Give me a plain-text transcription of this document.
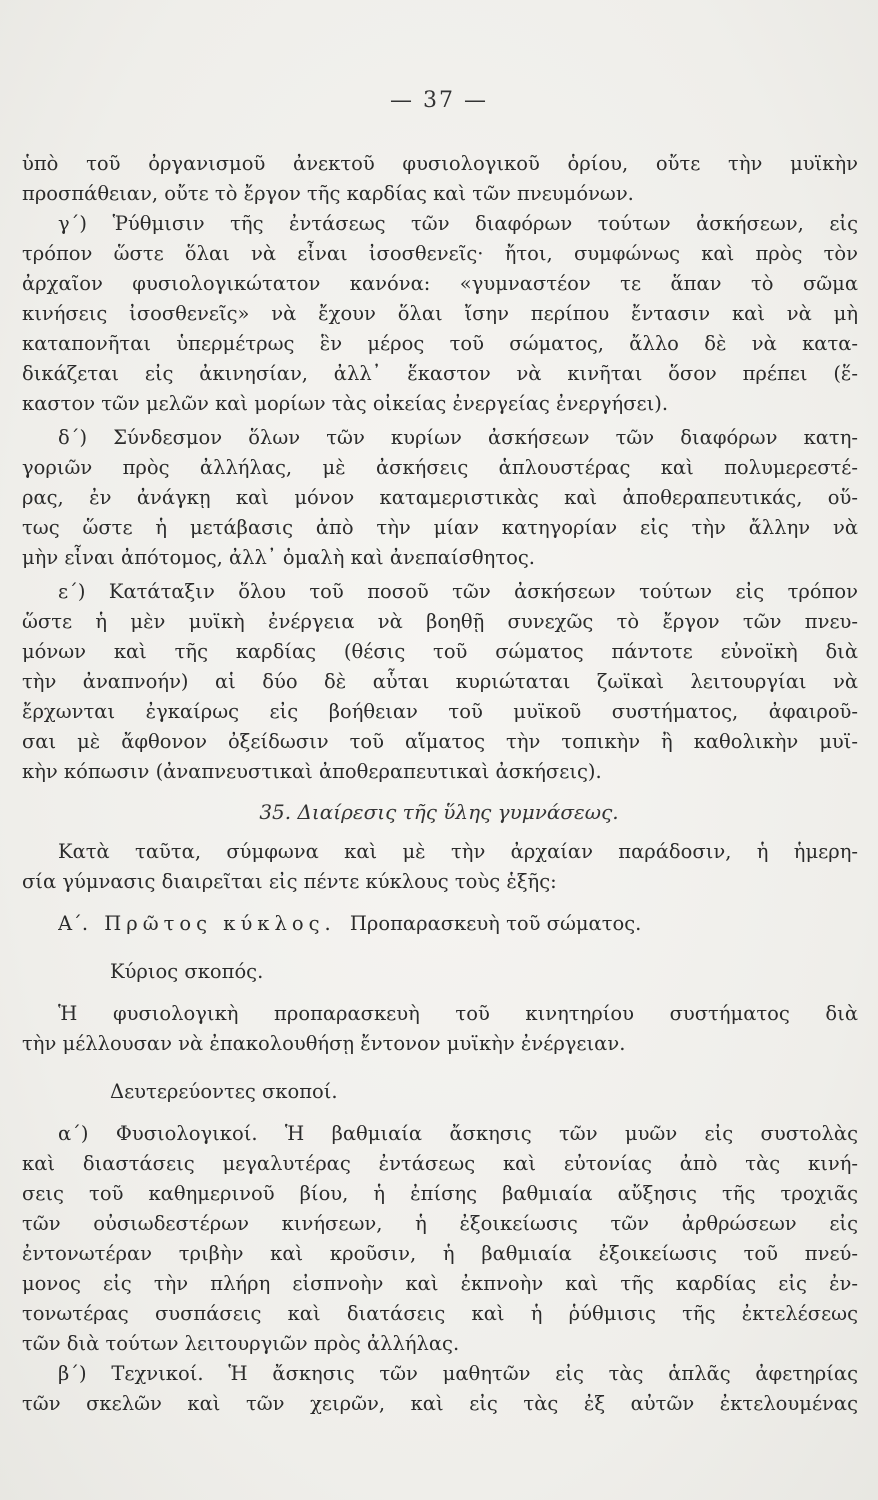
— 37 —
ὑπὸ τοῦ ὀργανισμοῦ ἀνεκτοῦ φυσιολογικοῦ ὁρίου, οὔτε τὴν μυϊκὴν
προσπάθειαν, οὔτε τὸ ἔργον τῆς καρδίας καὶ τῶν πνευμόνων.
γ΄) Ῥύθμισιν τῆς ἐντάσεως τῶν διαφόρων τούτων ἀσκήσεων, εἰς
τρόπον ὥστε ὅλαι νὰ εἶναι ἰσοσθενεῖς· ἤτοι, συμφώνως καὶ πρὸς τὸν
ἀρχαῖον φυσιολογικώτατον κανόνα: «γυμναστέον τε ἅπαν τὸ σῶμα
κινήσεις ἰσοσθενεῖς» νὰ ἔχουν ὅλαι ἴσην περίπου ἔντασιν καὶ νὰ μὴ
καταπονῆται ὑπερμέτρως ἓν μέρος τοῦ σώματος, ἄλλο δὲ νὰ κατα-
δικάζεται εἰς ἀκινησίαν, ἀλλ᾽ ἕκαστον νὰ κινῆται ὅσον πρέπει (ἕ-
καστον τῶν μελῶν καὶ μορίων τὰς οἰκείας ἐνεργείας ἐνεργήσει).
δ΄) Σύνδεσμον ὅλων τῶν κυρίων ἀσκήσεων τῶν διαφόρων κατη-
γοριῶν πρὸς ἀλλήλας, μὲ ἀσκήσεις ἁπλουστέρας καὶ πολυμερεστέ-
ρας, ἐν ἀνάγκῃ καὶ μόνον καταμεριστικὰς καὶ ἀποθεραπευτικάς, οὕ-
τως ὥστε ἡ μετάβασις ἀπὸ τὴν μίαν κατηγορίαν εἰς τὴν ἄλλην νὰ
μὴν εἶναι ἀπότομος, ἀλλ᾽ ὁμαλὴ καὶ ἀνεπαίσθητος.
ε΄) Κατάταξιν ὅλου τοῦ ποσοῦ τῶν ἀσκήσεων τούτων εἰς τρόπον
ὥστε ἡ μὲν μυϊκὴ ἐνέργεια νὰ βοηθῇ συνεχῶς τὸ ἔργον τῶν πνευ-
μόνων καὶ τῆς καρδίας (θέσις τοῦ σώματος πάντοτε εὐνοϊκὴ διὰ
τὴν ἀναπνοήν) αἱ δύο δὲ αὗται κυριώταται ζωϊκαὶ λειτουργίαι νὰ
ἔρχωνται ἐγκαίρως εἰς βοήθειαν τοῦ μυϊκοῦ συστήματος, ἀφαιροῦ-
σαι μὲ ἄφθονον ὀξείδωσιν τοῦ αἵματος τὴν τοπικὴν ἢ καθολικὴν μυϊ-
κὴν κόπωσιν (ἀναπνευστικαὶ ἀποθεραπευτικαὶ ἀσκήσεις).
35. Διαίρεσις τῆς ὕλης γυμνάσεως.
Κατὰ ταῦτα, σύμφωνα καὶ μὲ τὴν ἀρχαίαν παράδοσιν, ἡ ἡμερη-
σία γύμνασις διαιρεῖται εἰς πέντε κύκλους τοὺς ἑξῆς:
Α΄. Πρῶτος κύκλος. Προπαρασκευὴ τοῦ σώματος.
Κύριος σκοπός.
Ἡ φυσιολογικὴ προπαρασκευὴ τοῦ κινητηρίου συστήματος διὰ
τὴν μέλλουσαν νὰ ἐπακολουθήσῃ ἔντονον μυϊκὴν ἐνέργειαν.
Δευτερεύοντες σκοποί.
α΄) Φυσιολογικοί. Ἡ βαθμιαία ἄσκησις τῶν μυῶν εἰς συστολὰς
καὶ διαστάσεις μεγαλυτέρας ἐντάσεως καὶ εὐτονίας ἀπὸ τὰς κινή-
σεις τοῦ καθημερινοῦ βίου, ἡ ἐπίσης βαθμιαία αὔξησις τῆς τροχιᾶς
τῶν οὐσιωδεστέρων κινήσεων, ἡ ἐξοικείωσις τῶν ἀρθρώσεων εἰς
ἐντονωτέραν τριβὴν καὶ κροῦσιν, ἡ βαθμιαία ἐξοικείωσις τοῦ πνεύ-
μονος εἰς τὴν πλήρη εἰσπνοὴν καὶ ἐκπνοὴν καὶ τῆς καρδίας εἰς ἐν-
τονωτέρας συσπάσεις καὶ διατάσεις καὶ ἡ ῥύθμισις τῆς ἐκτελέσεως
τῶν διὰ τούτων λειτουργιῶν πρὸς ἀλλήλας.
β΄) Τεχνικοί. Ἡ ἄσκησις τῶν μαθητῶν εἰς τὰς ἁπλᾶς ἀφετηρίας
τῶν σκελῶν καὶ τῶν χειρῶν, καὶ εἰς τὰς ἐξ αὐτῶν ἐκτελουμένας
